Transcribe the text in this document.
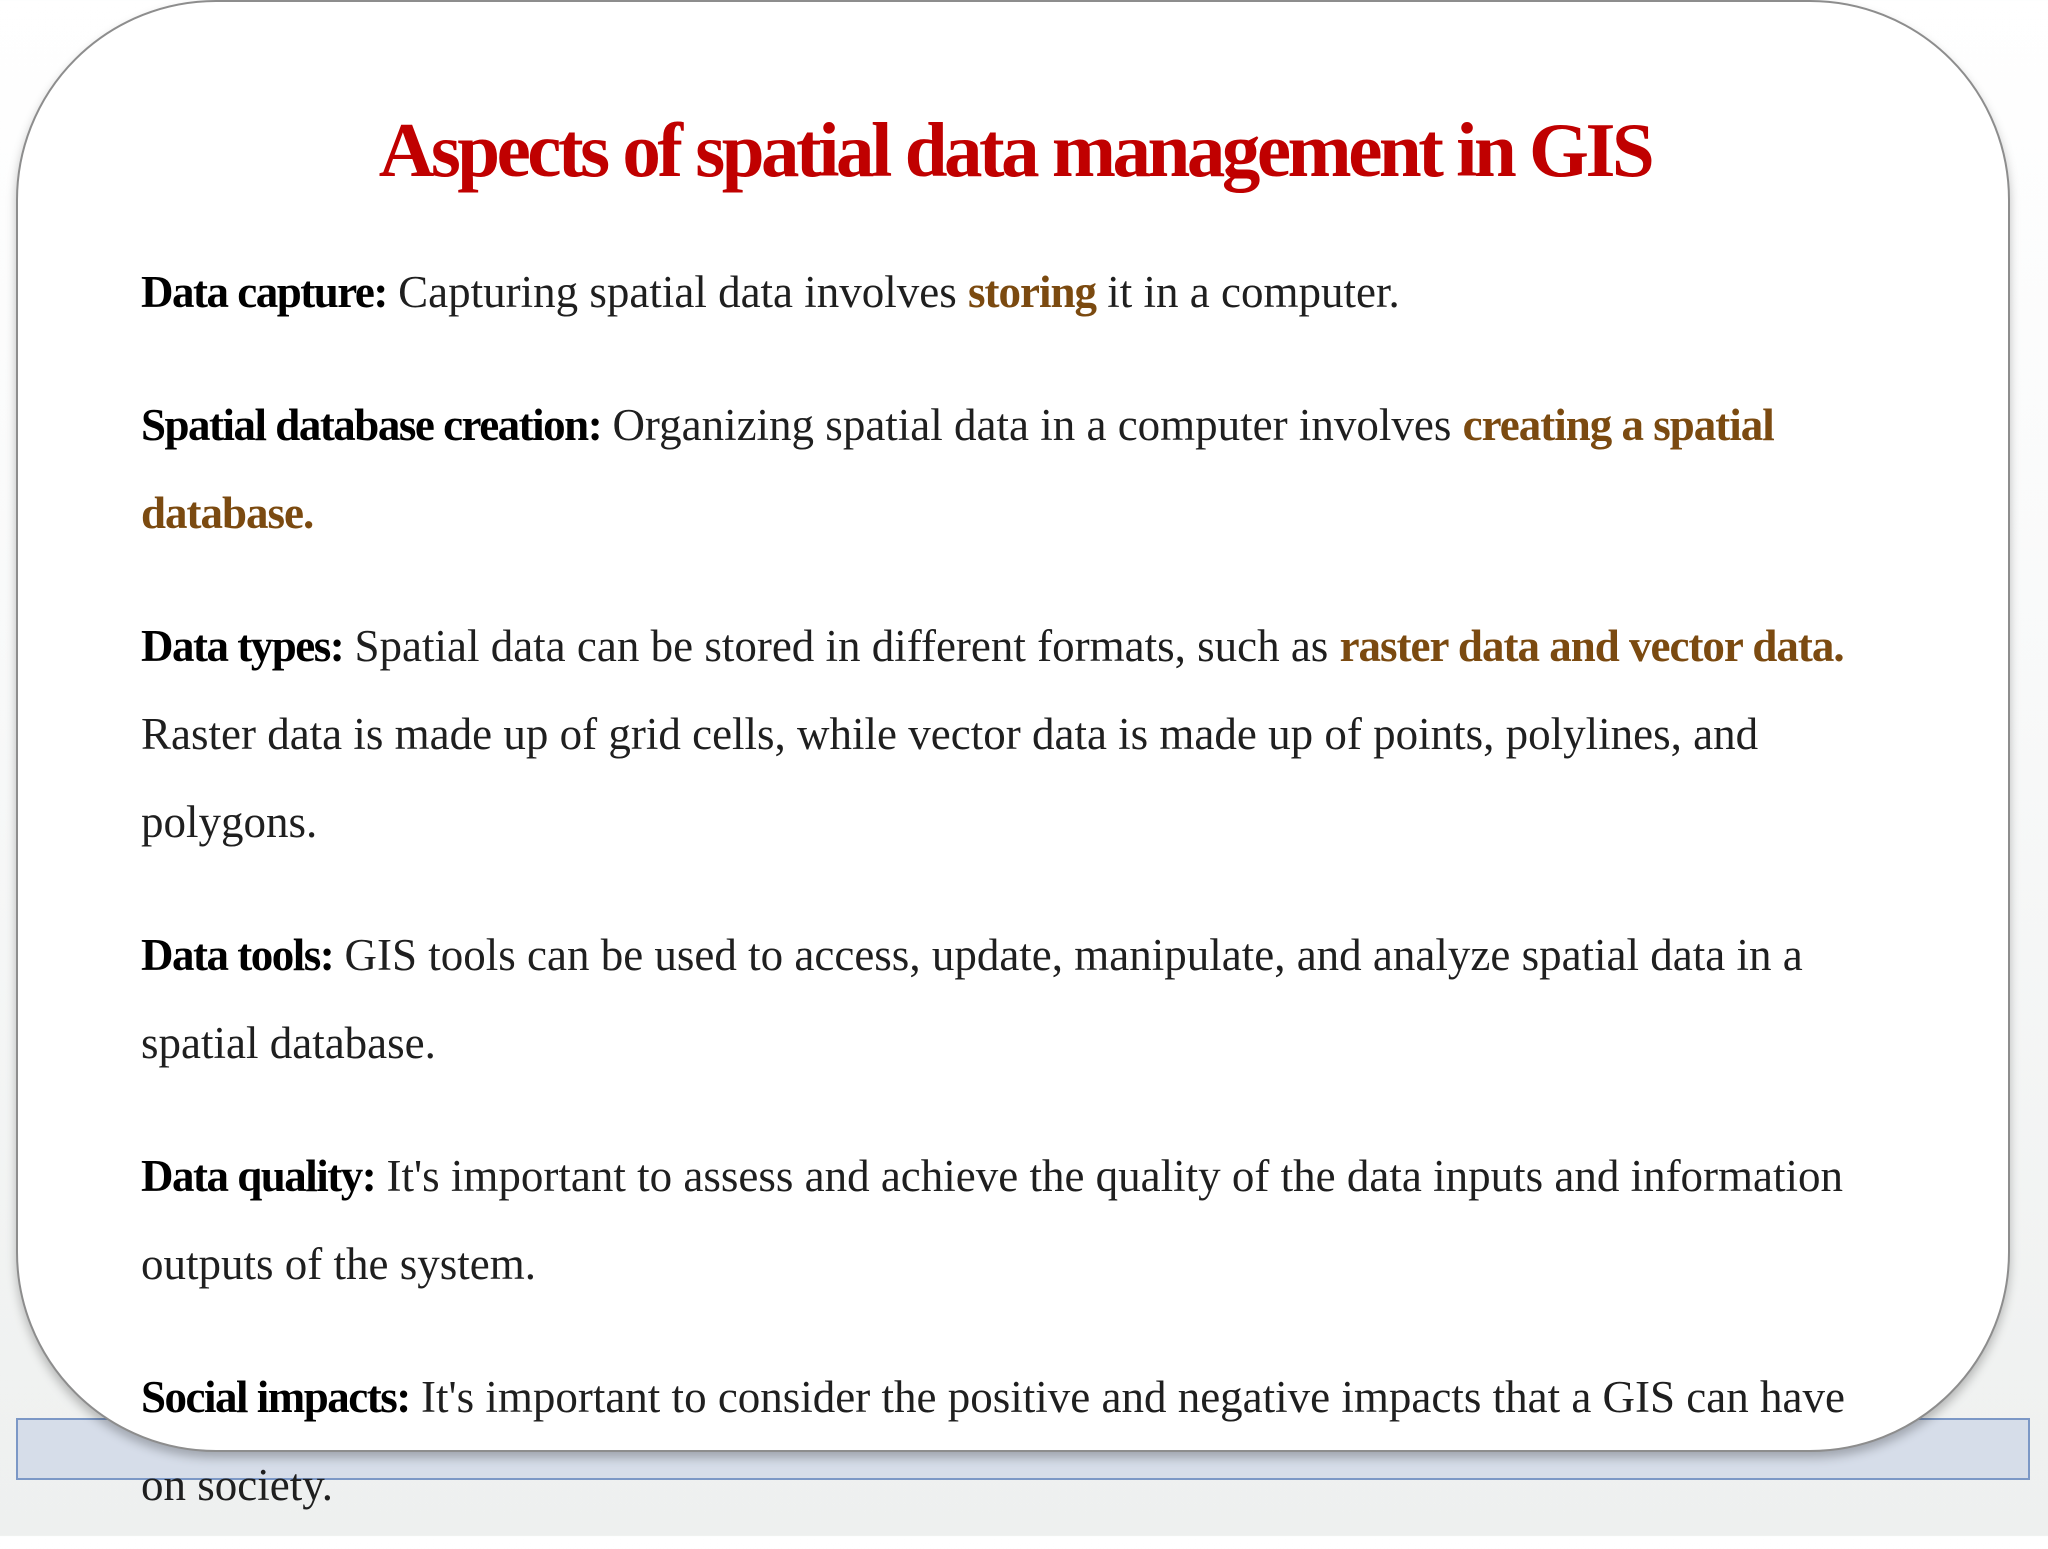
Aspects of spatial data management in GIS

Data capture: Capturing spatial data involves storing it in a computer.

Spatial database creation: Organizing spatial data in a computer involves creating a spatial database.

Data types: Spatial data can be stored in different formats, such as raster data and vector data. Raster data is made up of grid cells, while vector data is made up of points, polylines, and polygons.

Data tools: GIS tools can be used to access, update, manipulate, and analyze spatial data in a spatial database.

Data quality: It's important to assess and achieve the quality of the data inputs and information outputs of the system.

Social impacts: It's important to consider the positive and negative impacts that a GIS can have on society.
